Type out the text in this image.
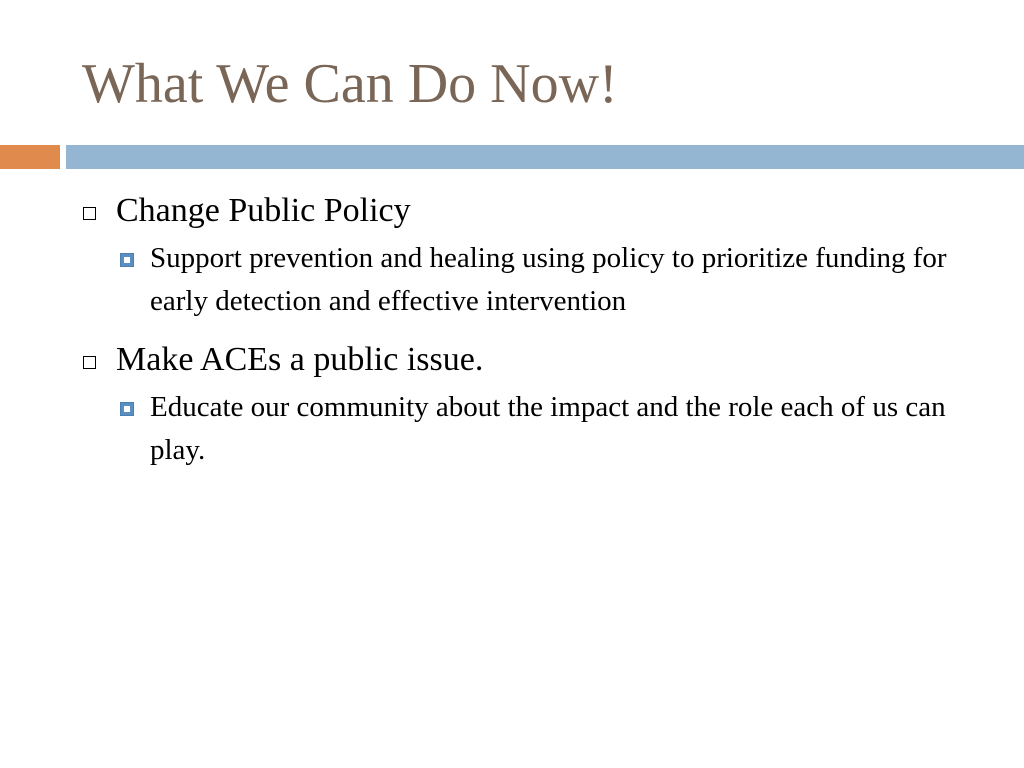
What We Can Do Now!
Change Public Policy
Support prevention and healing using policy to prioritize funding for early detection and effective intervention
Make ACEs a public issue.
Educate our community about the impact and the role each of us can play.
